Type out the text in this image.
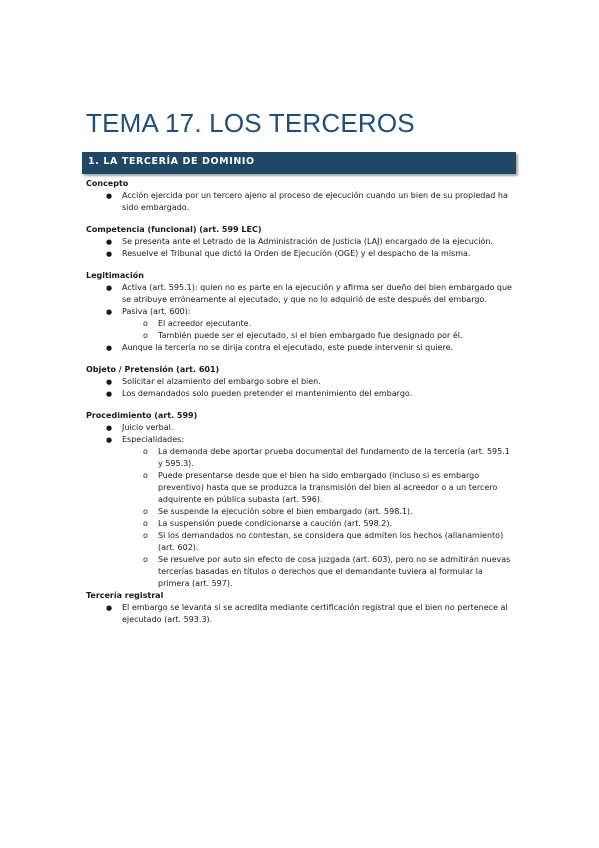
TEMA 17. LOS TERCEROS
1. LA TERCERÍA DE DOMINIO
Concepto
● Acción ejercida por un tercero ajeno al proceso de ejecución cuando un bien de su propiedad ha sido embargado.
Competencia (funcional) (art. 599 LEC)
● Se presenta ante el Letrado de la Administración de Justicia (LAJ) encargado de la ejecución.
● Resuelve el Tribunal que dictó la Orden de Ejecución (OGE) y el despacho de la misma.
Legitimación
● Activa (art. 595.1): quien no es parte en la ejecución y afirma ser dueño del bien embargado que se atribuye erróneamente al ejecutado, y que no lo adquirió de este después del embargo.
● Pasiva (art. 600):
o El acreedor ejecutante.
o También puede ser el ejecutado, si el bien embargado fue designado por él.
● Aunque la tercería no se dirija contra el ejecutado, este puede intervenir si quiere.
Objeto / Pretensión (art. 601)
● Solicitar el alzamiento del embargo sobre el bien.
● Los demandados solo pueden pretender el mantenimiento del embargo.
Procedimiento (art. 599)
● Juicio verbal.
● Especialidades:
o La demanda debe aportar prueba documental del fundamento de la tercería (art. 595.1 y 595.3).
o Puede presentarse desde que el bien ha sido embargado (incluso si es embargo preventivo) hasta que se produzca la transmisión del bien al acreedor o a un tercero adquirente en pública subasta (art. 596).
o Se suspende la ejecución sobre el bien embargado (art. 598.1).
o La suspensión puede condicionarse a caución (art. 598.2).
o Si los demandados no contestan, se considera que admiten los hechos (allanamiento) (art. 602).
o Se resuelve por auto sin efecto de cosa juzgada (art. 603), pero no se admitirán nuevas tercerías basadas en títulos o derechos que el demandante tuviera al formular la primera (art. 597).
Tercería registral
● El embargo se levanta si se acredita mediante certificación registral que el bien no pertenece al ejecutado (art. 593.3).
